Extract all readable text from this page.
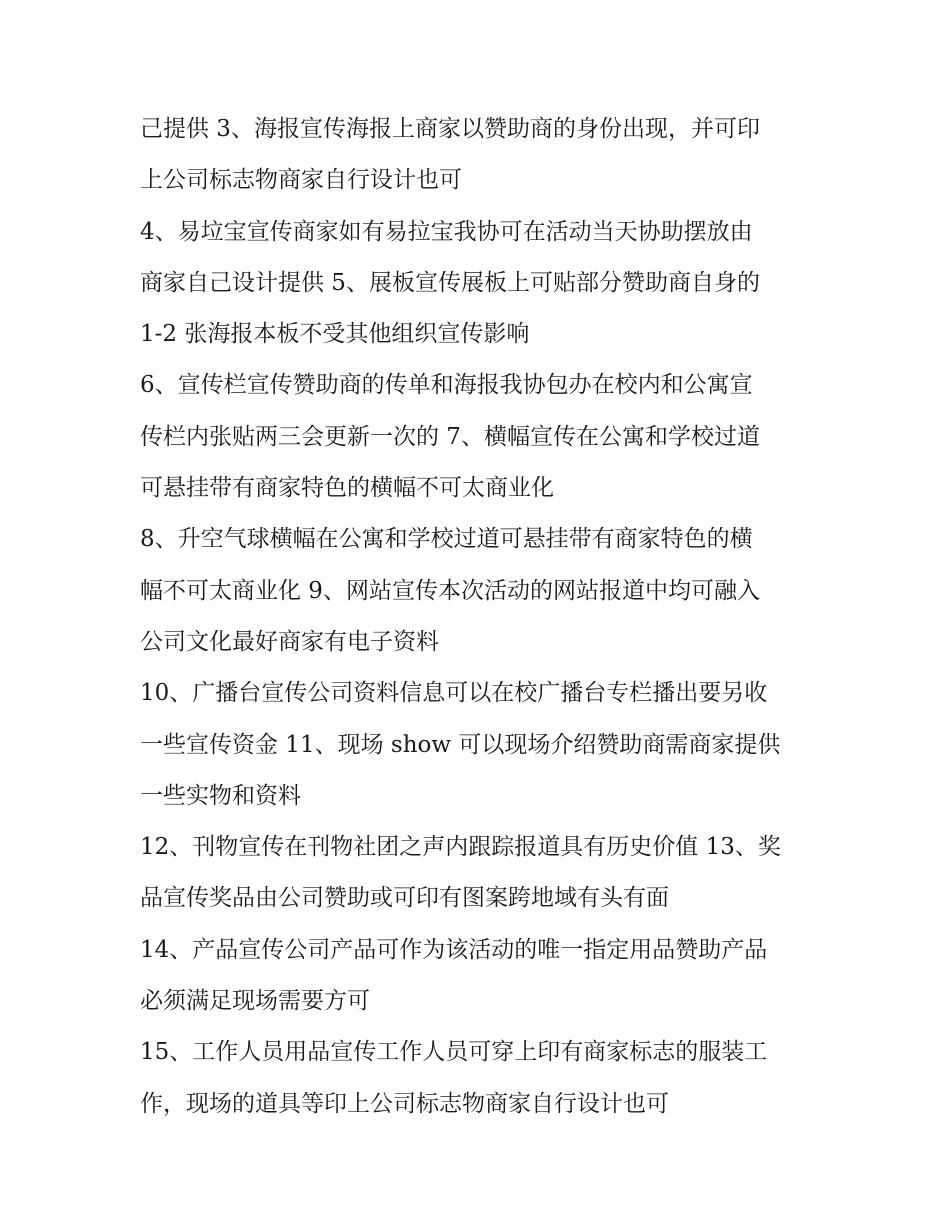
己提供 3、海报宣传海报上商家以赞助商的身份出现，并可印
上公司标志物商家自行设计也可

4、易垃宝宣传商家如有易拉宝我协可在活动当天协助摆放由
商家自己设计提供 5、展板宣传展板上可贴部分赞助商自身的
1-2 张海报本板不受其他组织宣传影响

6、宣传栏宣传赞助商的传单和海报我协包办在校内和公寓宣
传栏内张贴两三会更新一次的 7、横幅宣传在公寓和学校过道
可悬挂带有商家特色的横幅不可太商业化

8、升空气球横幅在公寓和学校过道可悬挂带有商家特色的横
幅不可太商业化 9、网站宣传本次活动的网站报道中均可融入
公司文化最好商家有电子资料

10、广播台宣传公司资料信息可以在校广播台专栏播出要另收
一些宣传资金 11、现场 show 可以现场介绍赞助商需商家提供
一些实物和资料

12、刊物宣传在刊物社团之声内跟踪报道具有历史价值 13、奖
品宣传奖品由公司赞助或可印有图案跨地域有头有面

14、产品宣传公司产品可作为该活动的唯一指定用品赞助产品
必须满足现场需要方可

15、工作人员用品宣传工作人员可穿上印有商家标志的服装工
作，现场的道具等印上公司标志物商家自行设计也可
